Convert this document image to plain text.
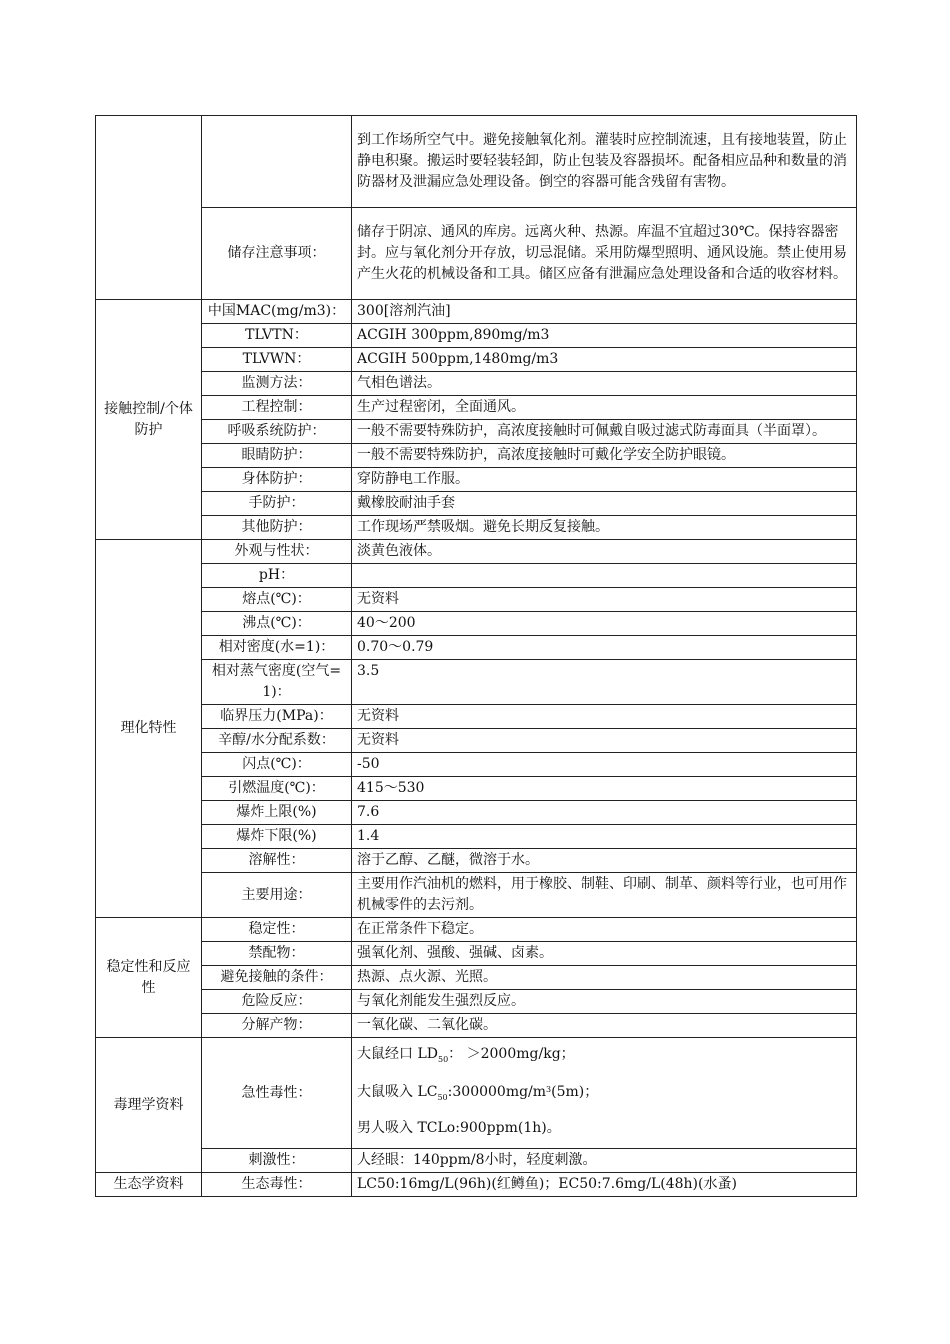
		到工作场所空气中。避免接触氧化剂。灌装时应控制流速，且有接地装置，防止静电积聚。搬运时要轻装轻卸，防止包装及容器损坏。配备相应品种和数量的消防器材及泄漏应急处理设备。倒空的容器可能含残留有害物。
	储存注意事项：	储存于阴凉、通风的库房。远离火种、热源。库温不宜超过30℃。保持容器密封。应与氧化剂分开存放，切忌混储。采用防爆型照明、通风设施。禁止使用易产生火花的机械设备和工具。储区应备有泄漏应急处理设备和合适的收容材料。
接触控制/个体防护	中国MAC(mg/m3)：	300[溶剂汽油]
	TLVTN：	ACGIH 300ppm,890mg/m3
	TLVWN：	ACGIH 500ppm,1480mg/m3
	监测方法：	气相色谱法。
	工程控制：	生产过程密闭，全面通风。
	呼吸系统防护：	一般不需要特殊防护，高浓度接触时可佩戴自吸过滤式防毒面具（半面罩）。
	眼睛防护：	一般不需要特殊防护，高浓度接触时可戴化学安全防护眼镜。
	身体防护：	穿防静电工作服。
	手防护：	戴橡胶耐油手套
	其他防护：	工作现场严禁吸烟。避免长期反复接触。
理化特性	外观与性状：	淡黄色液体。
	pH：	
	熔点(℃)：	无资料
	沸点(℃)：	40～200
	相对密度(水=1)：	0.70～0.79
	相对蒸气密度(空气=1)：	3.5
	临界压力(MPa)：	无资料
	辛醇/水分配系数：	无资料
	闪点(℃)：	-50
	引燃温度(℃)：	415～530
	爆炸上限(%)	7.6
	爆炸下限(%)	1.4
	溶解性：	溶于乙醇、乙醚，微溶于水。
	主要用途：	主要用作汽油机的燃料，用于橡胶、制鞋、印刷、制革、颜料等行业，也可用作机械零件的去污剂。
稳定性和反应性	稳定性：	在正常条件下稳定。
	禁配物：	强氧化剂、强酸、强碱、卤素。
	避免接触的条件：	热源、点火源、光照。
	危险反应：	与氧化剂能发生强烈反应。
	分解产物：	一氧化碳、二氧化碳。
毒理学资料	急性毒性：	大鼠经口 $LD_{50}$： ＞2000mg/kg；

大鼠吸入 $LC_{50}:300000mg/m^3(5m)$；

男人吸入 TCLo:900ppm(1h)。

	刺激性：	人经眼：140ppm/8小时，轻度刺激。
生态学资料	生态毒性：	LC50:16mg/L(96h)(红鳟鱼)；EC50:7.6mg/L(48h)(水蚤)
